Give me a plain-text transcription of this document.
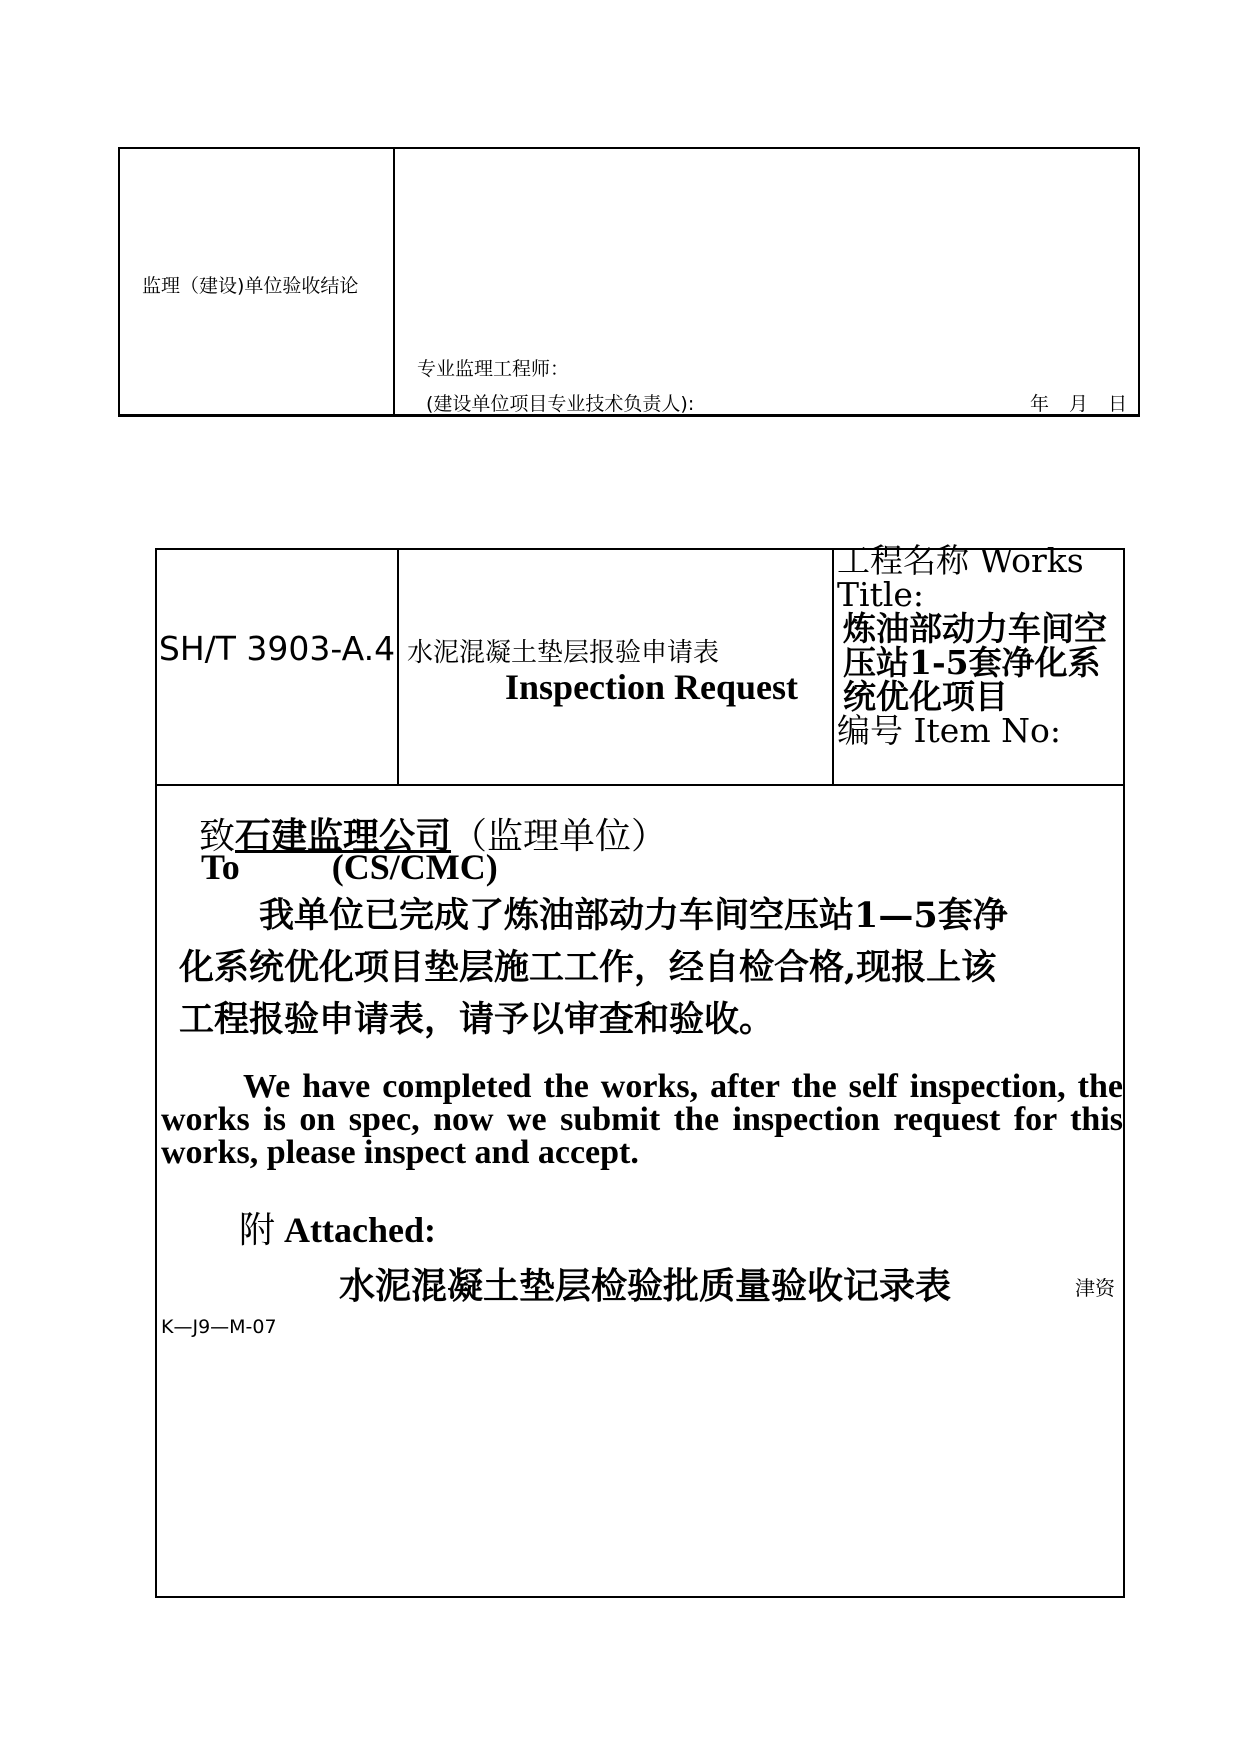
监理（建设)单位验收结论
专业监理工程师：
(建设单位项目专业技术负责人):	年 月 日
SH/T 3903-A.4 水泥混凝土垫层报验申请表
Inspection Request
工程名称 Works Title:
炼油部动力车间空压站1-5套净化系统优化项目
编号 Item No:
致石建监理公司（监理单位）
To	(CS/CMC)
我单位已完成了炼油部动力车间空压站1—5套净
化系统优化项目垫层施工工作，经自检合格,现报上该
工程报验申请表，请予以审查和验收。
We have completed the works, after the self inspection, the works is on spec, now we submit the inspection request for this works, please inspect and accept.
附 Attached:
水泥混凝土垫层检验批质量验收记录表	津资
K—J9—M-07
